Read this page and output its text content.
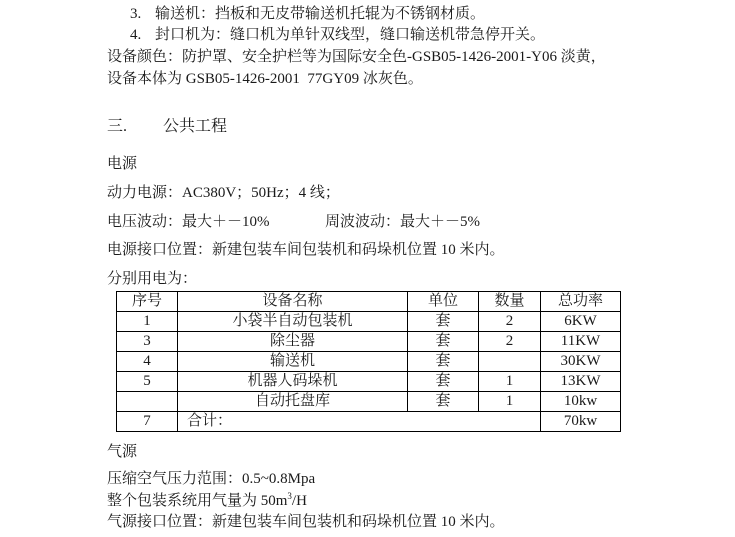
3. 输送机：挡板和无皮带输送机托辊为不锈钢材质。
4. 封口机为：缝口机为单针双线型，缝口输送机带急停开关。
设备颜色：防护罩、安全护栏等为国际安全色-GSB05-1426-2001-Y06 淡黄，
设备本体为 GSB05-1426-2001  77GY09 冰灰色。
三. 公共工程
电源
动力电源：AC380V；50Hz；4 线；
电压波动：最大＋－10%	周波波动：最大＋－5%
电源接口位置：新建包装车间包装机和码垛机位置 10 米内。
分别用电为：
序号	设备名称	单位	数量	总功率
1	小袋半自动包装机	套	2	6KW
3	除尘器	套	2	11KW
4	输送机	套		30KW
5	机器人码垛机	套	1	13KW
	自动托盘库	套	1	10kw
7	合计：			70kw
气源
压缩空气压力范围：0.5~0.8Mpa
整个包装系统用气量为 $50m^3/H$
气源接口位置：新建包装车间包装机和码垛机位置 10 米内。
